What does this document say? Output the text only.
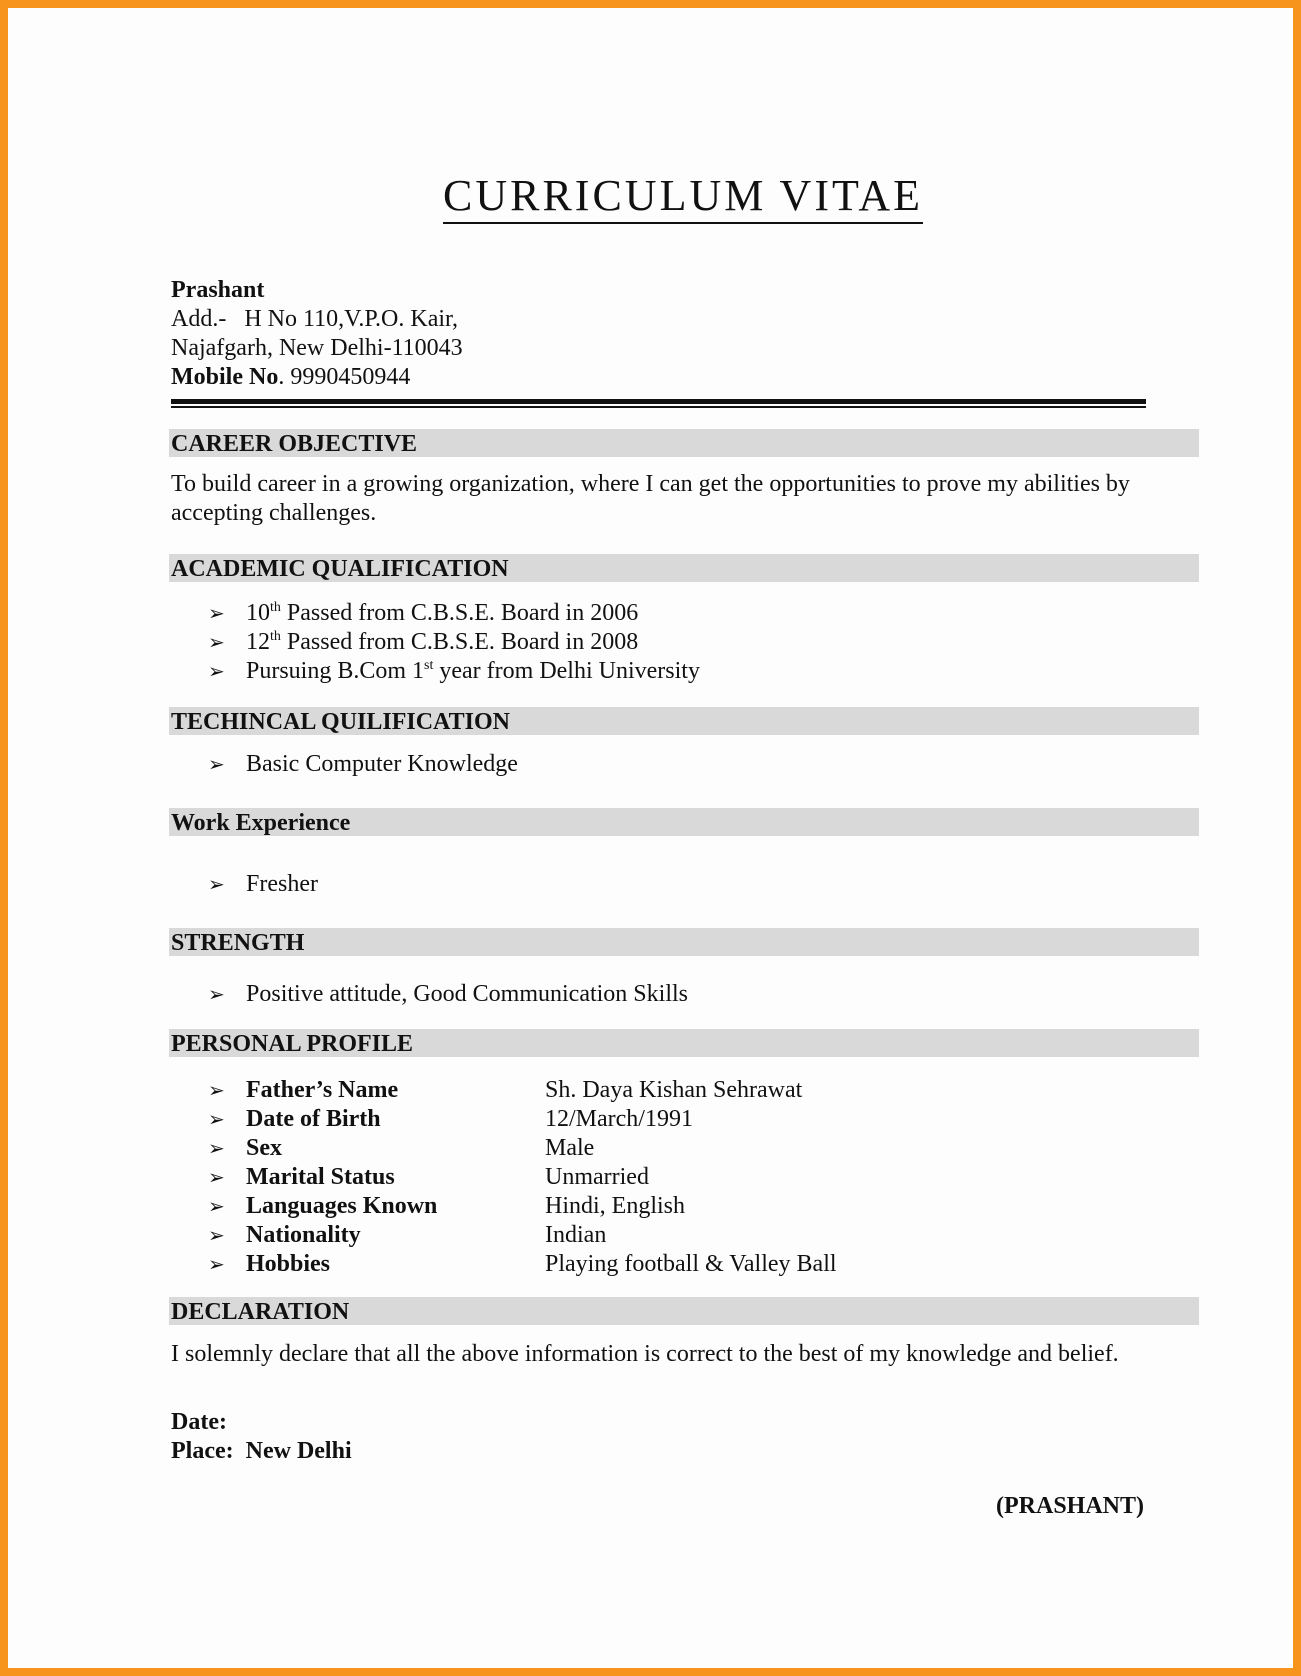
CURRICULUM VITAE
Prashant
Add.- H No 110,V.P.O. Kair,
Najafgarh, New Delhi-110043
Mobile No. 9990450944
CAREER OBJECTIVE
To build career in a growing organization, where I can get the opportunities to prove my abilities by accepting challenges.
ACADEMIC QUALIFICATION
➢ 10th Passed from C.B.S.E. Board in 2006
➢ 12th Passed from C.B.S.E. Board in 2008
➢ Pursuing B.Com 1st year from Delhi University
TECHINCAL QUILIFICATION
➢ Basic Computer Knowledge
Work Experience
➢ Fresher
STRENGTH
➢ Positive attitude, Good Communication Skills
PERSONAL PROFILE
➢ Father’s Name	Sh. Daya Kishan Sehrawat
➢ Date of Birth	12/March/1991
➢ Sex	Male
➢ Marital Status	Unmarried
➢ Languages Known	Hindi, English
➢ Nationality	Indian
➢ Hobbies	Playing football & Valley Ball
DECLARATION
I solemnly declare that all the above information is correct to the best of my knowledge and belief.
Date:
Place: New Delhi
(PRASHANT)
